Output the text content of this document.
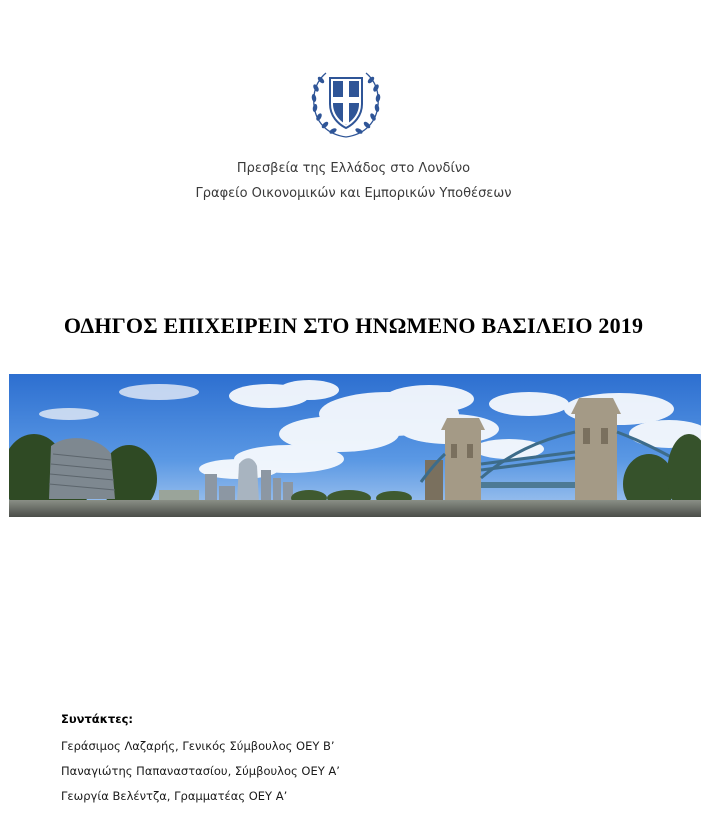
Πρεσβεία της Ελλάδος στο Λονδίνο
Γραφείο Οικονομικών και Εμπορικών Υποθέσεων
ΟΔΗΓΟΣ ΕΠΙΧΕΙΡΕΙΝ ΣΤΟ ΗΝΩΜΕΝΟ ΒΑΣΙΛΕΙΟ 2019
Συντάκτες:
Γεράσιμος Λαζαρής, Γενικός Σύμβουλος ΟΕΥ Β’
Παναγιώτης Παπαναστασίου, Σύμβουλος ΟΕΥ Α’
Γεωργία Βελέντζα, Γραμματέας ΟΕΥ Α’
